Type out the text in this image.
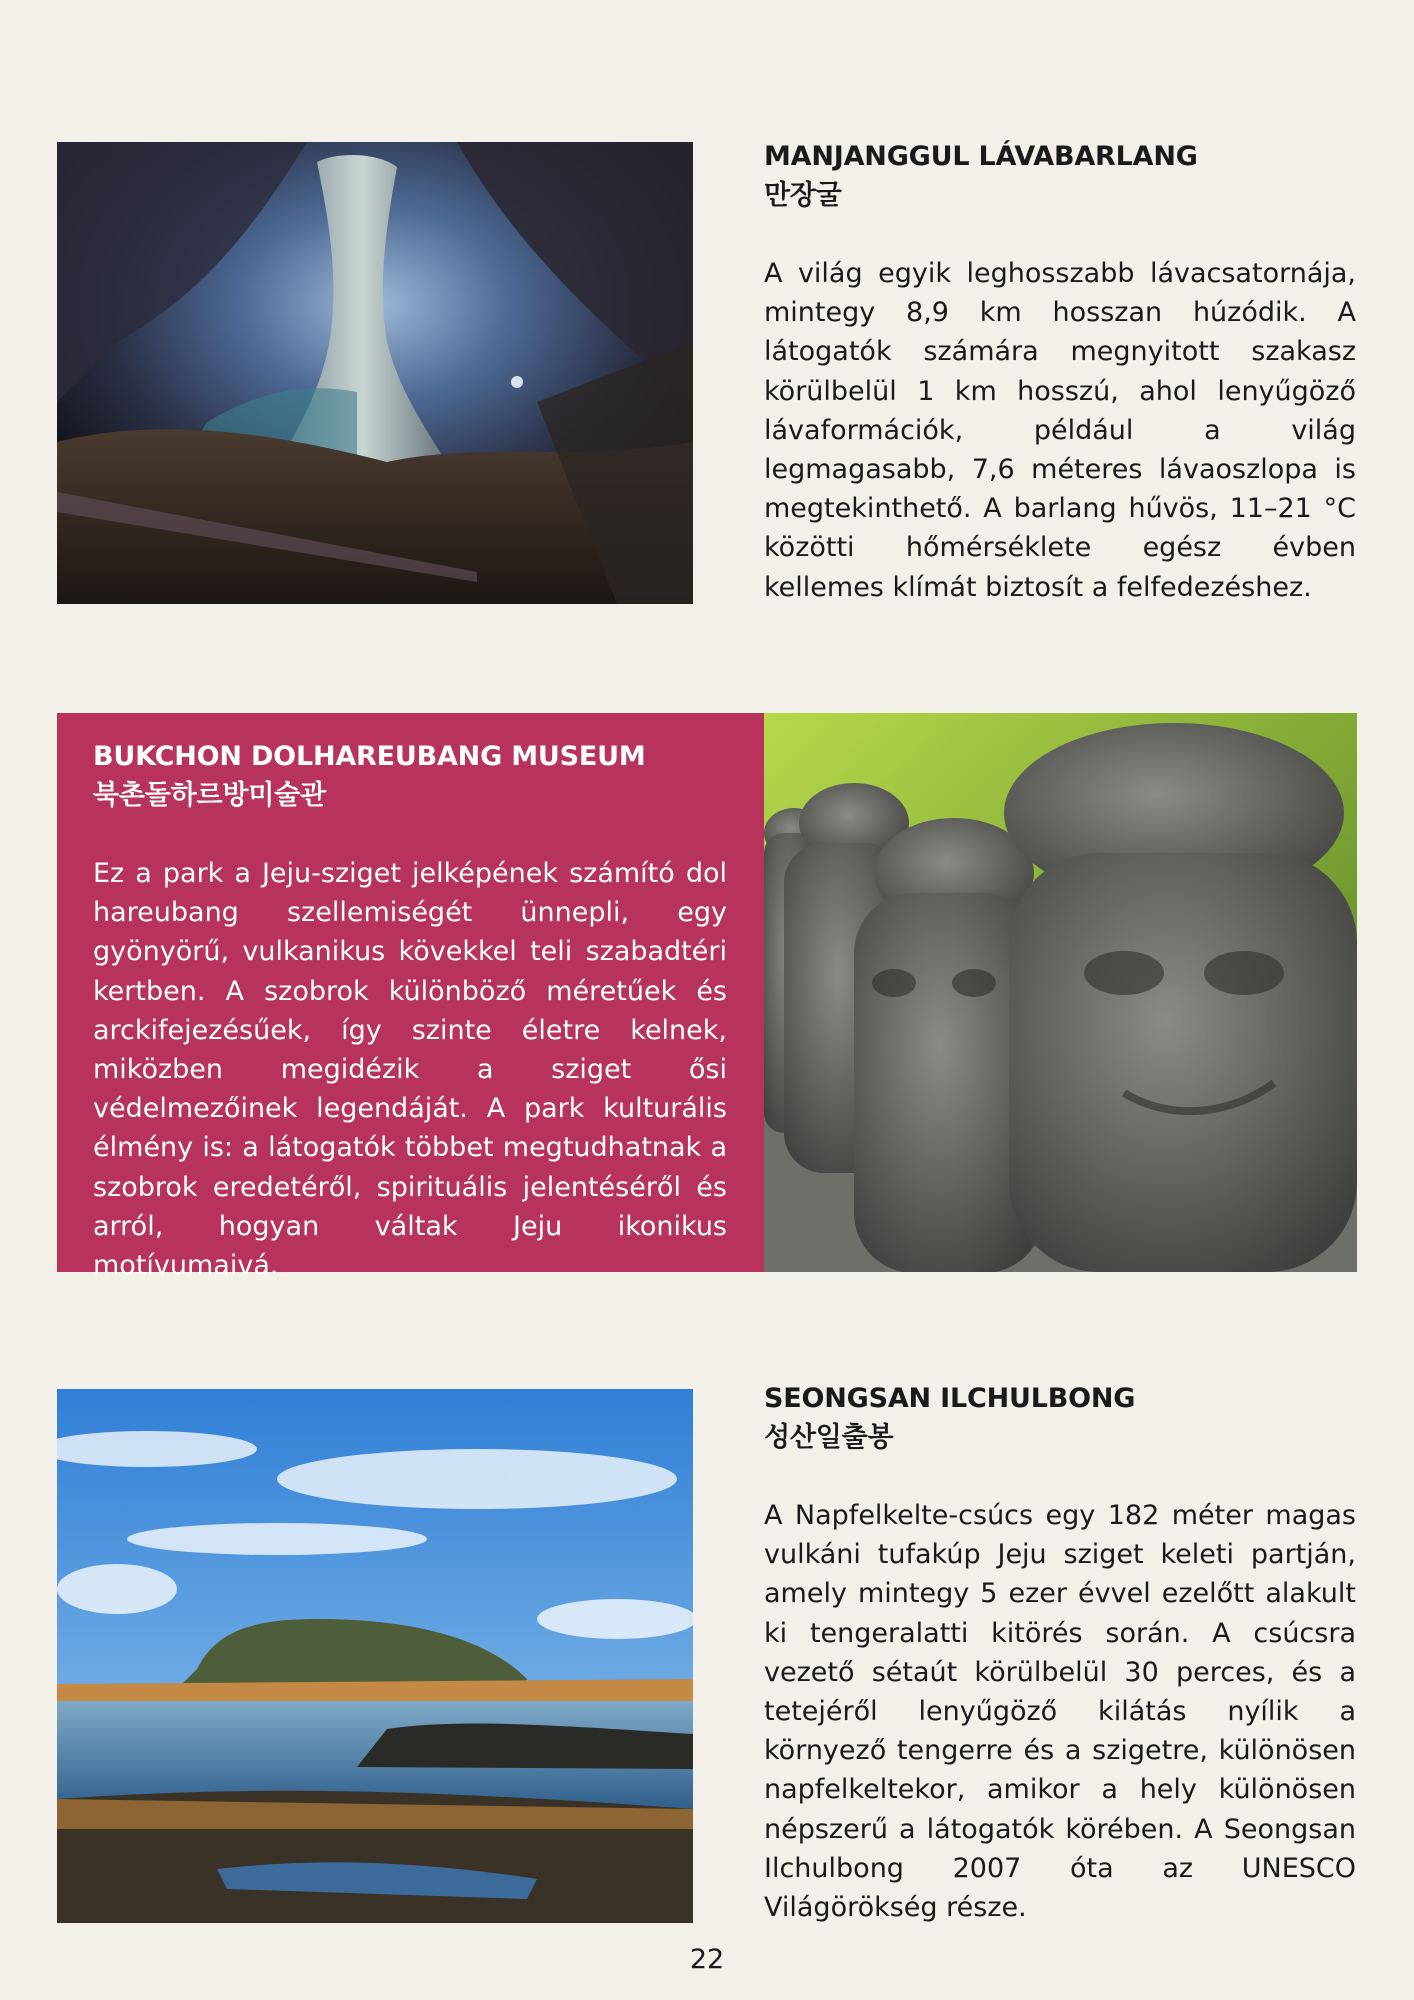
MANJANGGUL LÁVABARLANG
만장굴
A világ egyik leghosszabb lávacsatornája, mintegy 8,9 km hosszan húzódik. A látogatók számára megnyitott szakasz körülbelül 1 km hosszú, ahol lenyűgöző lávaformációk, például a világ legmagasabb, 7,6 méteres lávaoszlopa is megtekinthető. A barlang hűvös, 11–21 °C közötti hőmérséklete egész évben kellemes klímát biztosít a felfedezéshez.
BUKCHON DOLHAREUBANG MUSEUM
북촌돌하르방미술관
Ez a park a Jeju-sziget jelképének számító dol hareubang szellemiségét ünnepli, egy gyönyörű, vulkanikus kövekkel teli szabadtéri kertben. A szobrok különböző méretűek és arckifejezésűek, így szinte életre kelnek, miközben megidézik a sziget ősi védelmezőinek legendáját. A park kulturális élmény is: a látogatók többet megtudhatnak a szobrok eredetéről, spirituális jelentéséről és arról, hogyan váltak Jeju ikonikus motívumaivá.
SEONGSAN ILCHULBONG
성산일출봉
A Napfelkelte-csúcs egy 182 méter magas vulkáni tufakúp Jeju sziget keleti partján, amely mintegy 5 ezer évvel ezelőtt alakult ki tengeralatti kitörés során. A csúcsra vezető sétaút körülbelül 30 perces, és a tetejéről lenyűgöző kilátás nyílik a környező tengerre és a szigetre, különösen napfelkeltekor, amikor a hely különösen népszerű a látogatók körében. A Seongsan Ilchulbong 2007 óta az UNESCO Világörökség része.
22
